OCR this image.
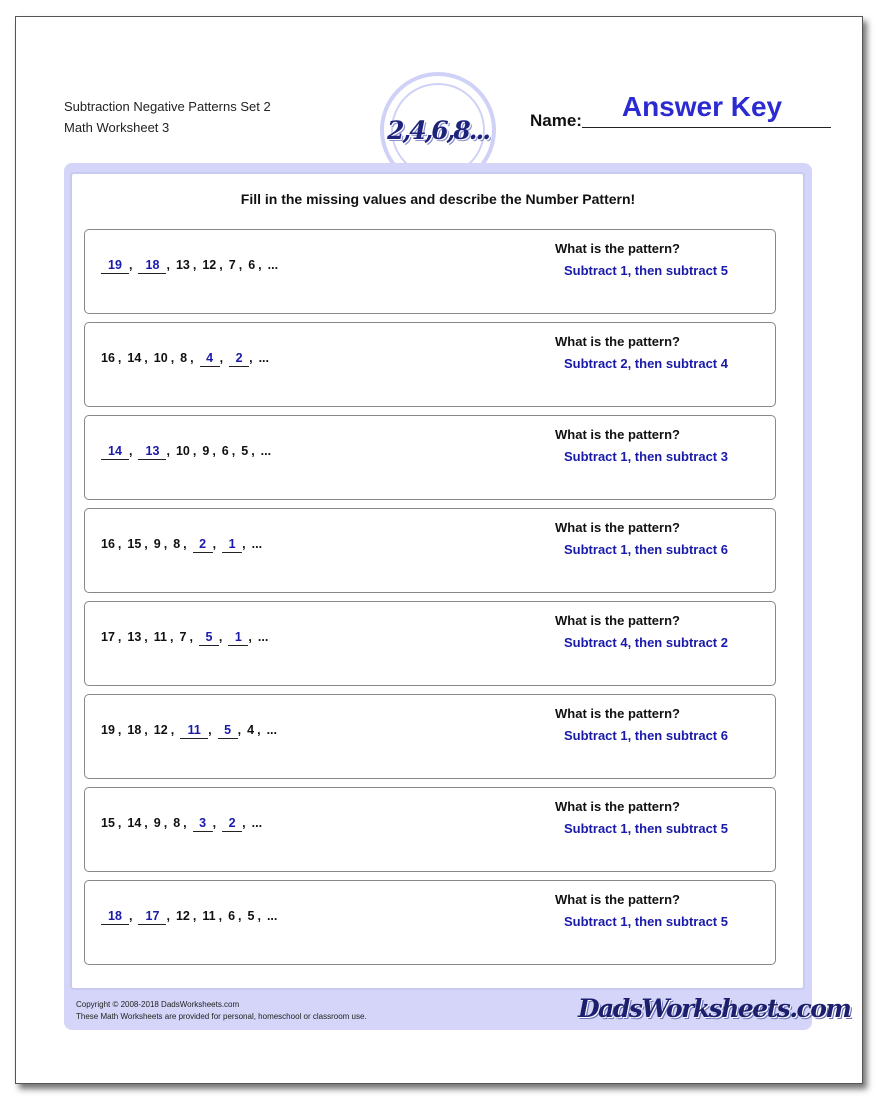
Subtraction Negative Patterns Set 2
Math Worksheet 3	2,4,6,8... Name:	Answer Key
Fill in the missing values and describe the Number Pattern!
19 , 18 , 13 , 12 , 7 , 6 , ...
What is the pattern?
Subtract 1, then subtract 5
16 , 14 , 10 , 8 , 4 , 2 , ...
What is the pattern?
Subtract 2, then subtract 4
14 , 13 , 10 , 9 , 6 , 5 , ...
What is the pattern?
Subtract 1, then subtract 3
16 , 15 , 9 , 8 , 2 , 1 , ...
What is the pattern?
Subtract 1, then subtract 6
17 , 13 , 11 , 7 , 5 , 1 , ...
What is the pattern?
Subtract 4, then subtract 2
19 , 18 , 12 , 11 , 5 , 4 , ...
What is the pattern?
Subtract 1, then subtract 6
15 , 14 , 9 , 8 , 3 , 2 , ...
What is the pattern?
Subtract 1, then subtract 5
18 , 17 , 12 , 11 , 6 , 5 , ...
What is the pattern?
Subtract 1, then subtract 5
Copyright © 2008-2018 DadsWorksheets.com
These Math Worksheets are provided for personal, homeschool or classroom use.	DadsWorksheets.com
